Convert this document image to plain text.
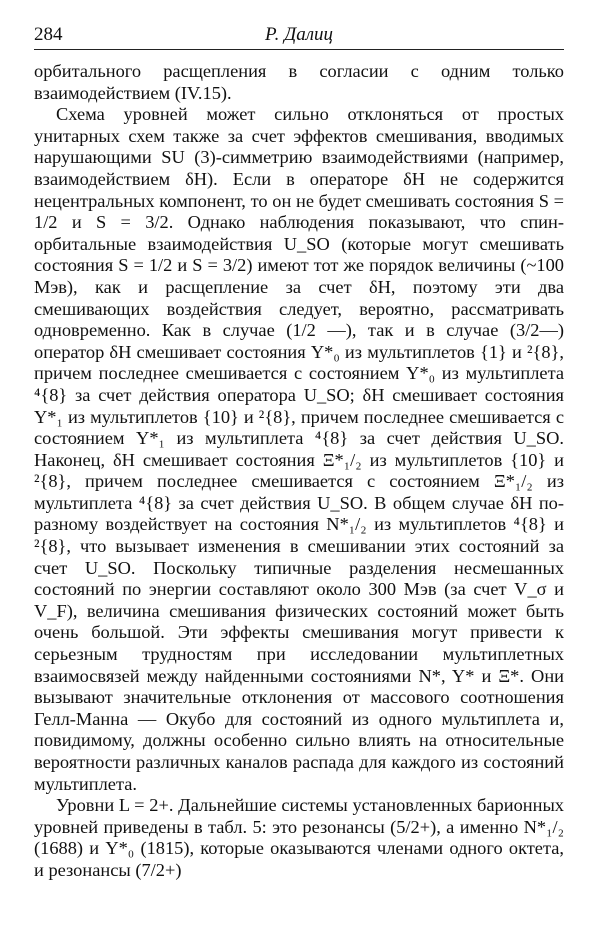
284	Р. Далиц

орбитального расщепления в согласии с одним только взаимодействием (IV.15).

Схема уровней может сильно отклоняться от простых унитарных схем также за счет эффектов смешивания, вводимых нарушающими SU (3)-симметрию взаимодействиями (например, взаимодействием δH). Если в операторе δH не содержится нецентральных компонент, то он не будет смешивать состояния S = 1/2 и S = 3/2. Однако наблюдения показывают, что спин-орбитальные взаимодействия U_SO (которые могут смешивать состояния S = 1/2 и S = 3/2) имеют тот же порядок величины (~100 Мэв), как и расщепление за счет δH, поэтому эти два смешивающих воздействия следует, вероятно, рассматривать одновременно. Как в случае (1/2 —), так и в случае (3/2—) оператор δH смешивает состояния Y*₀ из мультиплетов {1} и ²{8}, причем последнее смешивается с состоянием Y*₀ из мультиплета ⁴{8} за счет действия оператора U_SO; δH смешивает состояния Y*₁ из мультиплетов {10} и ²{8}, причем последнее смешивается с состоянием Y*₁ из мультиплета ⁴{8} за счет действия U_SO. Наконец, δH смешивает состояния Ξ*₁/₂ из мультиплетов {10} и ²{8}, причем последнее смешивается с состоянием Ξ*₁/₂ из мультиплета ⁴{8} за счет действия U_SO. В общем случае δH по-разному воздействует на состояния N*₁/₂ из мультиплетов ⁴{8} и ²{8}, что вызывает изменения в смешивании этих состояний за счет U_SO. Поскольку типичные разделения несмешанных состояний по энергии составляют около 300 Мэв (за счет V_σ и V_F), величина смешивания физических состояний может быть очень большой. Эти эффекты смешивания могут привести к серьезным трудностям при исследовании мультиплетных взаимосвязей между найденными состояниями N*, Y* и Ξ*. Они вызывают значительные отклонения от массового соотношения Гелл-Манна — Окубо для состояний из одного мультиплета и, повидимому, должны особенно сильно влиять на относительные вероятности различных каналов распада для каждого из состояний мультиплета.

Уровни L = 2+. Дальнейшие системы установленных барионных уровней приведены в табл. 5: это резонансы (5/2+), а именно N*₁/₂ (1688) и Y*₀ (1815), которые оказываются членами одного октета, и резонансы (7/2+)
